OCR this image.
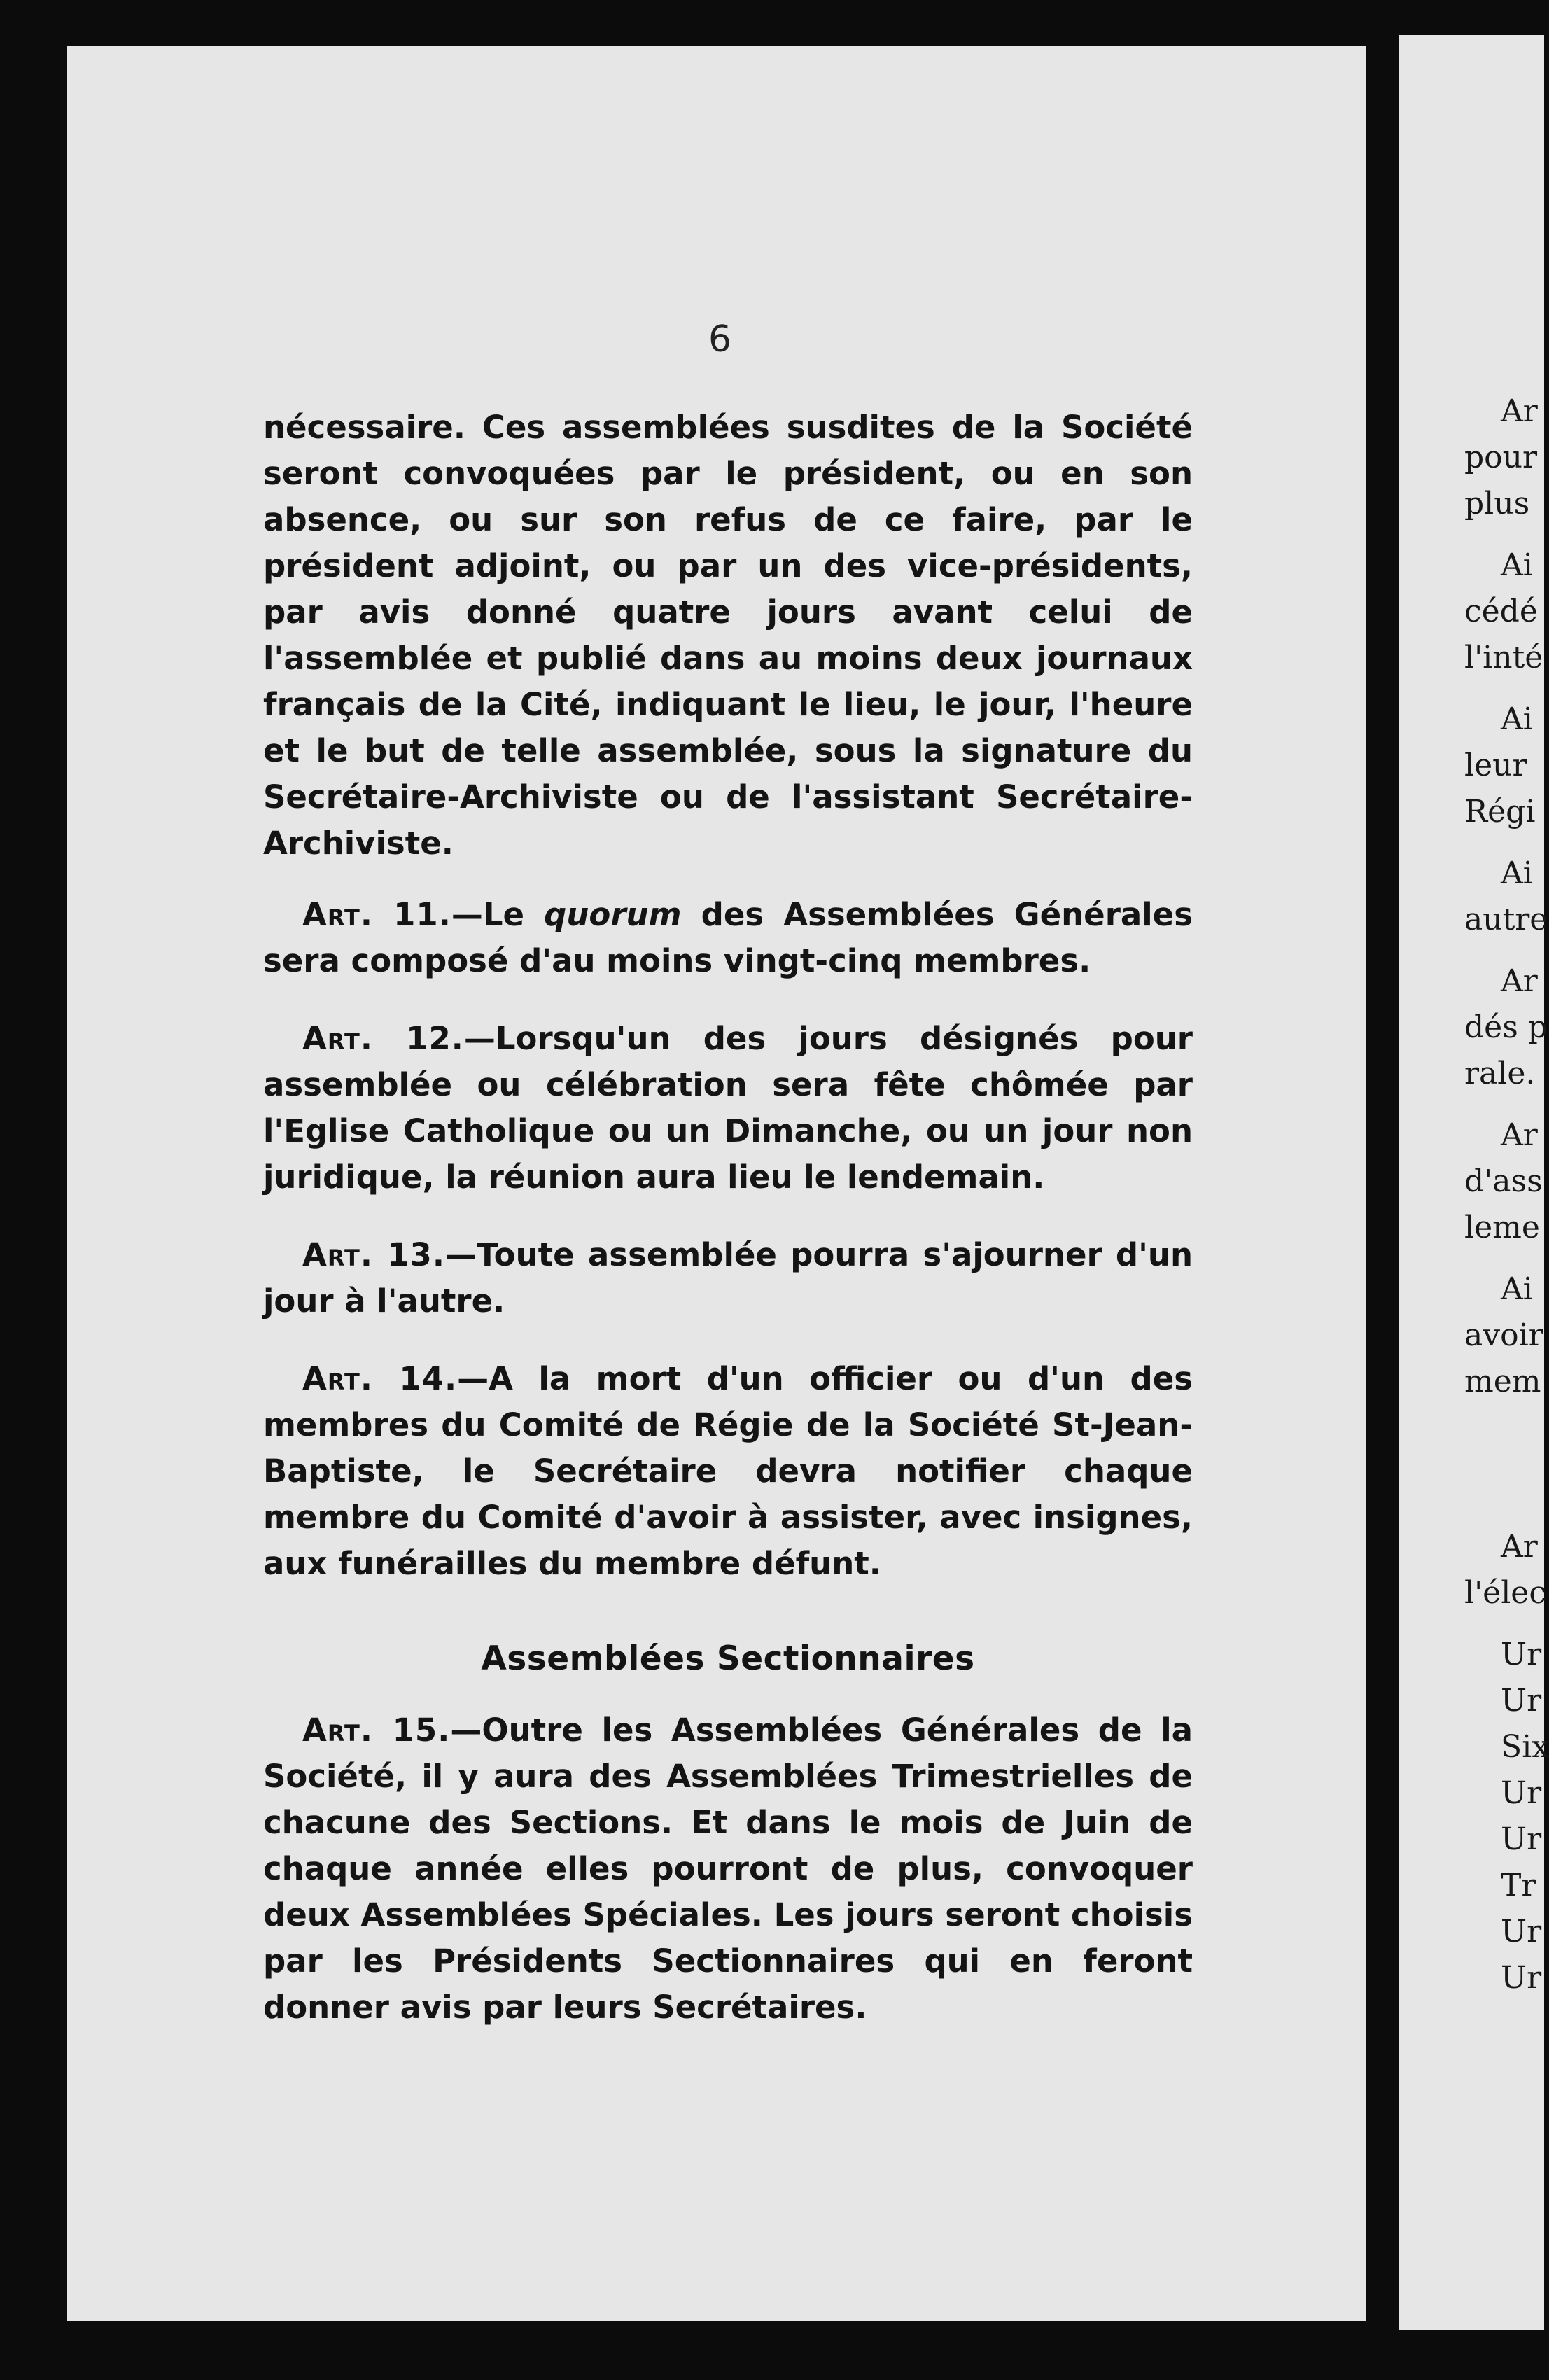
6

nécessaire. Ces assemblées susdites de la Société seront convoquées par le président, ou en son absence, ou sur son refus de ce faire, par le président adjoint, ou par un des vice-présidents, par avis donné quatre jours avant celui de l'assemblée et publié dans au moins deux journaux français de la Cité, indiquant le lieu, le jour, l'heure et le but de telle assemblée, sous la signature du Secrétaire-Archiviste ou de l'assistant Secrétaire-Archiviste.

Art. 11.—Le quorum des Assemblées Générales sera composé d'au moins vingt-cinq membres.

Art. 12.—Lorsqu'un des jours désignés pour assemblée ou célébration sera fête chômée par l'Eglise Catholique ou un Dimanche, ou un jour non juridique, la réunion aura lieu le lendemain.

Art. 13.—Toute assemblée pourra s'ajourner d'un jour à l'autre.

Art. 14.—A la mort d'un officier ou d'un des membres du Comité de Régie de la Société St-Jean-Baptiste, le Secrétaire devra notifier chaque membre du Comité d'avoir à assister, avec insignes, aux funérailles du membre défunt.

Assemblées Sectionnaires

Art. 15.—Outre les Assemblées Générales de la Société, il y aura des Assemblées Trimestrielles de chacune des Sections. Et dans le mois de Juin de chaque année elles pourront de plus, convoquer deux Assemblées Spéciales. Les jours seront choisis par les Présidents Sectionnaires qui en feront donner avis par leurs Secrétaires.

Ar
pour
plus
Ai
cédé
l'inté
Ai
leur
Régi
Ai
autre
Ar
dés p
rale.
Ar
d'ass
leme
Ai
avoir
mem
Ar
l'élec
Ur
Ur
Six
Ur
Ur
Tr
Ur
Ur
